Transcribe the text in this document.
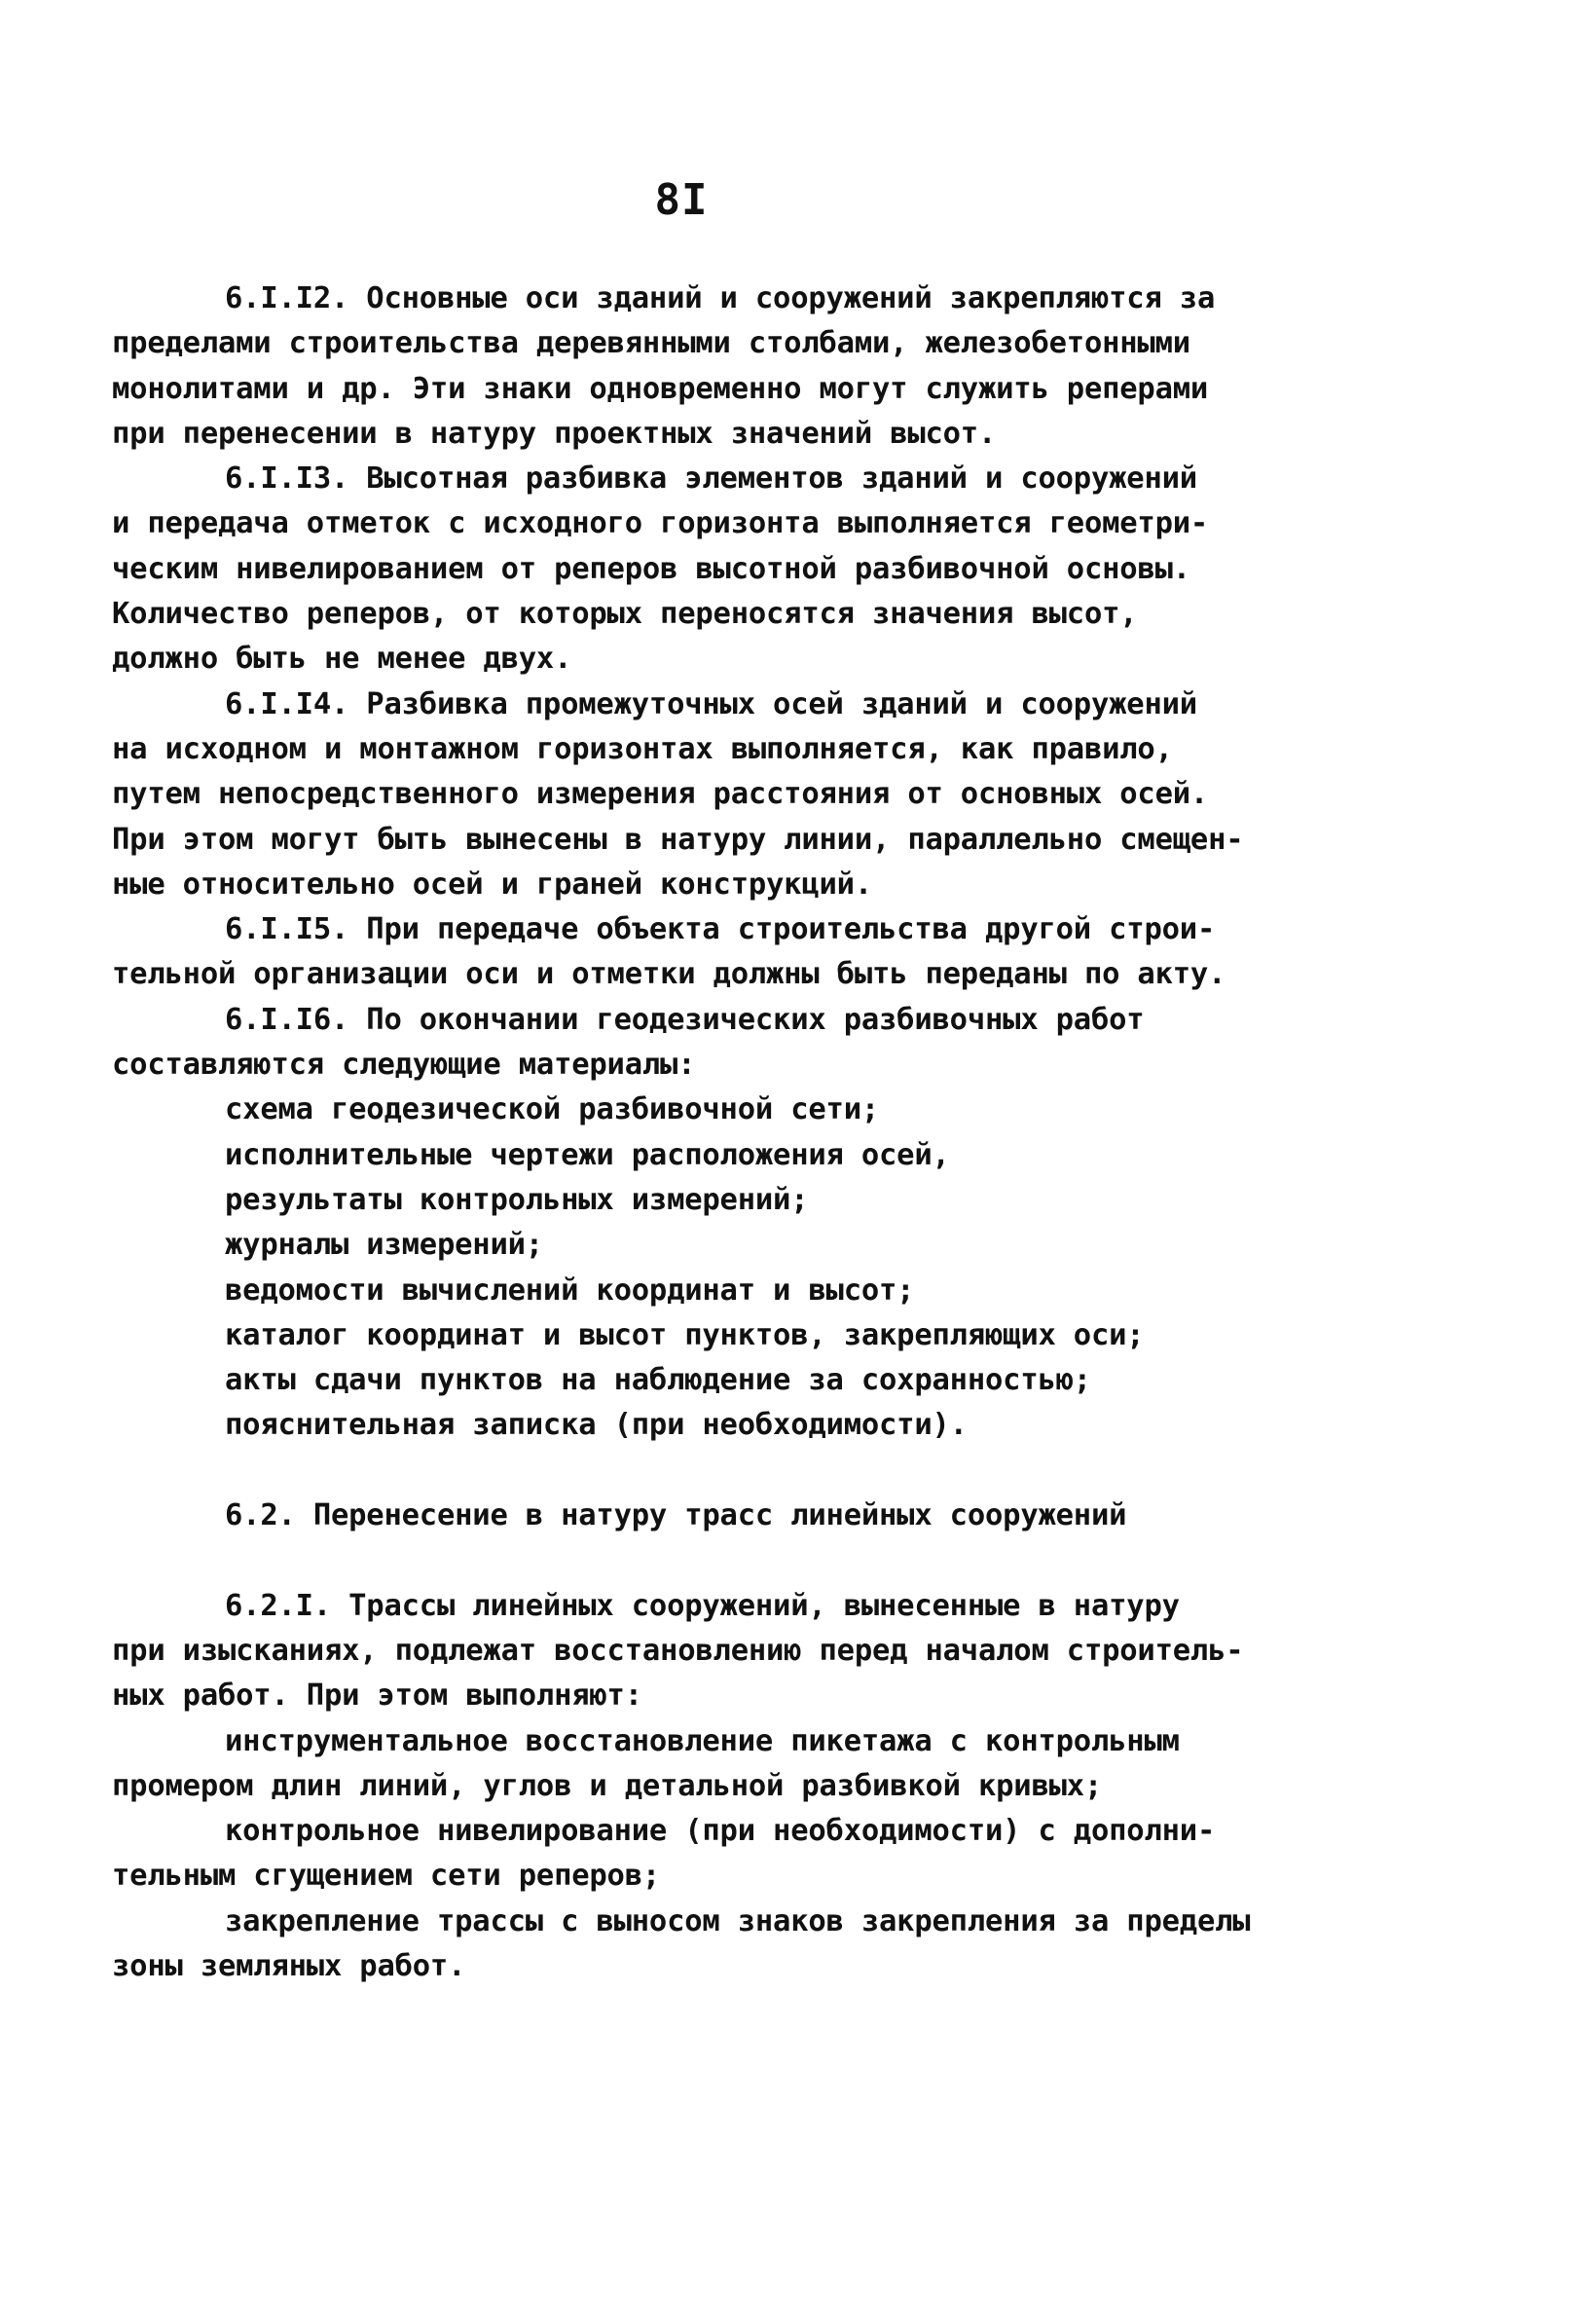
8I
6.I.I2. Основные оси зданий и сооружений закрепляются за
пределами строительства деревянными столбами, железобетонными
монолитами и др. Эти знаки одновременно могут служить реперами
при перенесении в натуру проектных значений высот.
6.I.I3. Высотная разбивка элементов зданий и сооружений
и передача отметок с исходного горизонта выполняется геометри-
ческим нивелированием от реперов высотной разбивочной основы.
Количество реперов, от которых переносятся значения высот,
должно быть не менее двух.
6.I.I4. Разбивка промежуточных осей зданий и сооружений
на исходном и монтажном горизонтах выполняется, как правило,
путем непосредственного измерения расстояния от основных осей.
При этом могут быть вынесены в натуру линии, параллельно смещен-
ные относительно осей и граней конструкций.
6.I.I5. При передаче объекта строительства другой строи-
тельной организации оси и отметки должны быть переданы по акту.
6.I.I6. По окончании геодезических разбивочных работ
составляются следующие материалы:
схема геодезической разбивочной сети;
исполнительные чертежи расположения осей,
результаты контрольных измерений;
журналы измерений;
ведомости вычислений координат и высот;
каталог координат и высот пунктов, закрепляющих оси;
акты сдачи пунктов на наблюдение за сохранностью;
пояснительная записка (при необходимости).
6.2. Перенесение в натуру трасс линейных сооружений
6.2.I. Трассы линейных сооружений, вынесенные в натуру
при изысканиях, подлежат восстановлению перед началом строитель-
ных работ. При этом выполняют:
инструментальное восстановление пикетажа с контрольным
промером длин линий, углов и детальной разбивкой кривых;
контрольное нивелирование (при необходимости) с дополни-
тельным сгущением сети реперов;
закрепление трассы с выносом знаков закрепления за пределы
зоны земляных работ.
